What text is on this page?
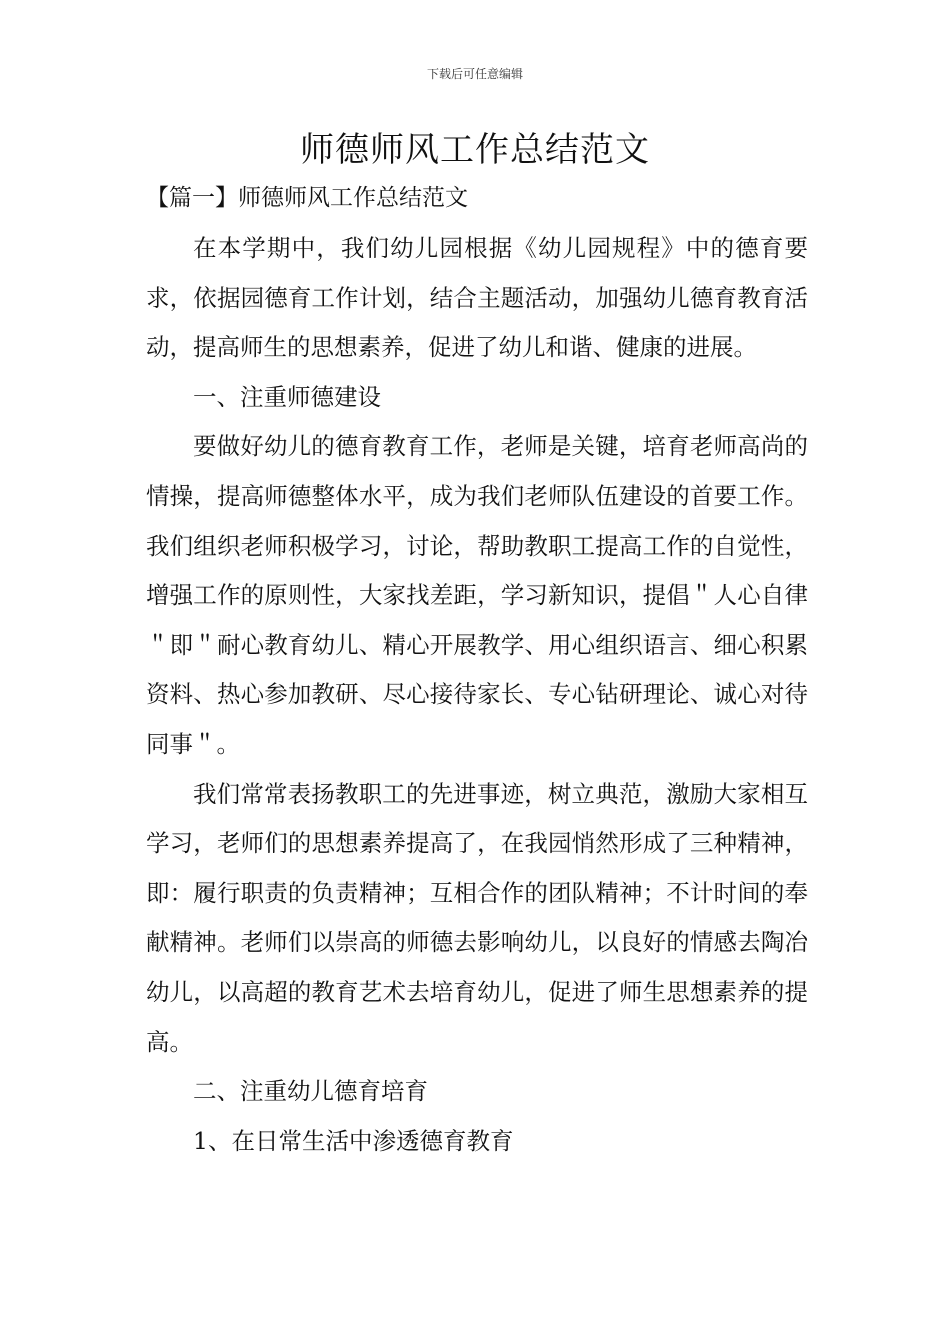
下载后可任意编辑
师德师风工作总结范文
【篇一】师德师风工作总结范文

在本学期中，我们幼儿园根据《幼儿园规程》中的德育要求，依据园德育工作计划，结合主题活动，加强幼儿德育教育活动，提高师生的思想素养，促进了幼儿和谐、健康的进展。

一、注重师德建设

要做好幼儿的德育教育工作，老师是关键，培育老师高尚的情操，提高师德整体水平，成为我们老师队伍建设的首要工作。我们组织老师积极学习，讨论，帮助教职工提高工作的自觉性，增强工作的原则性，大家找差距，学习新知识，提倡＂人心自律＂即＂耐心教育幼儿、精心开展教学、用心组织语言、细心积累资料、热心参加教研、尽心接待家长、专心钻研理论、诚心对待同事＂。

我们常常表扬教职工的先进事迹，树立典范，激励大家相互学习，老师们的思想素养提高了，在我园悄然形成了三种精神，即：履行职责的负责精神；互相合作的团队精神；不计时间的奉献精神。老师们以崇高的师德去影响幼儿，以良好的情感去陶冶幼儿，以高超的教育艺术去培育幼儿，促进了师生思想素养的提高。

二、注重幼儿德育培育

1、在日常生活中渗透德育教育
